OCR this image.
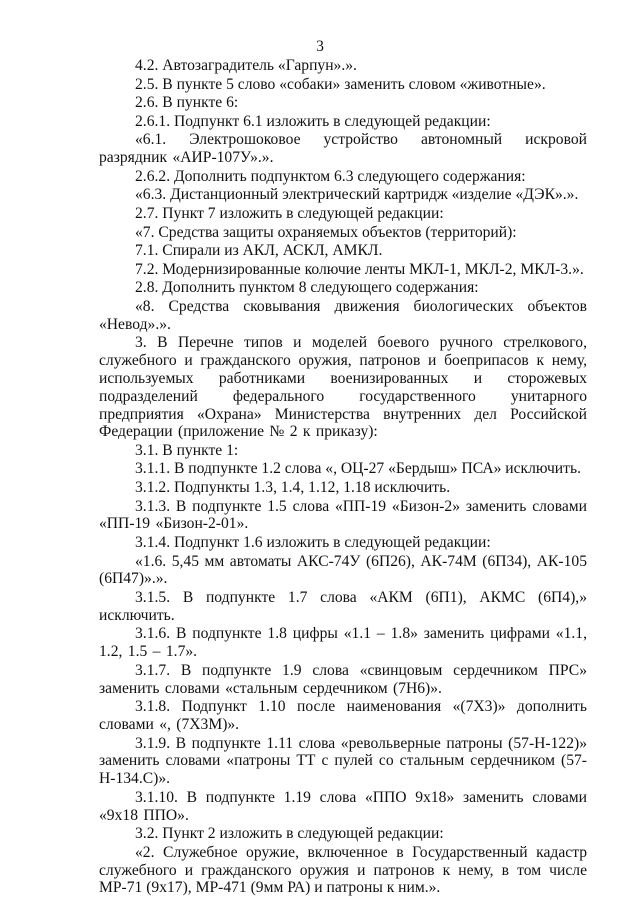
3

4.2. Автозаградитель «Гарпун».».

2.5. В пункте 5 слово «собаки» заменить словом «животные».

2.6. В пункте 6:

2.6.1. Подпункт 6.1 изложить в следующей редакции:

«6.1. Электрошоковое устройство автономный искровой разрядник «АИР-107У».».

2.6.2. Дополнить подпунктом 6.3 следующего содержания:

«6.3. Дистанционный электрический картридж «изделие «ДЭК».».

2.7. Пункт 7 изложить в следующей редакции:

«7. Средства защиты охраняемых объектов (территорий):

7.1. Спирали из АКЛ, АСКЛ, АМКЛ.

7.2. Модернизированные колючие ленты МКЛ-1, МКЛ-2, МКЛ-3.».

2.8. Дополнить пунктом 8 следующего содержания:

«8. Средства сковывания движения биологических объектов «Невод».».

3. В Перечне типов и моделей боевого ручного стрелкового, служебного и гражданского оружия, патронов и боеприпасов к нему, используемых работниками военизированных и сторожевых подразделений федерального государственного унитарного предприятия «Охрана» Министерства внутренних дел Российской Федерации (приложение № 2 к приказу):

3.1. В пункте 1:

3.1.1. В подпункте 1.2 слова «, ОЦ-27 «Бердыш» ПСА» исключить.

3.1.2. Подпункты 1.3, 1.4, 1.12, 1.18 исключить.

3.1.3. В подпункте 1.5 слова «ПП-19 «Бизон-2» заменить словами «ПП-19 «Бизон-2-01».

3.1.4. Подпункт 1.6 изложить в следующей редакции:

«1.6. 5,45 мм автоматы АКС-74У (6П26), АК-74М (6П34), АК-105 (6П47)».».

3.1.5. В подпункте 1.7 слова «АКМ (6П1), АКМС (6П4),» исключить.

3.1.6. В подпункте 1.8 цифры «1.1 – 1.8» заменить цифрами «1.1, 1.2, 1.5 – 1.7».

3.1.7. В подпункте 1.9 слова «свинцовым сердечником ПРС» заменить словами «стальным сердечником (7Н6)».

3.1.8. Подпункт 1.10 после наименования «(7Х3)» дополнить словами «, (7Х3М)».

3.1.9. В подпункте 1.11 слова «револьверные патроны (57-Н-122)» заменить словами «патроны ТТ с пулей со стальным сердечником (57-Н-134.С)».

3.1.10. В подпункте 1.19 слова «ППО 9х18» заменить словами «9х18 ППО».

3.2. Пункт 2 изложить в следующей редакции:

«2. Служебное оружие, включенное в Государственный кадастр служебного и гражданского оружия и патронов к нему, в том числе МР-71 (9х17), МР-471 (9мм РА) и патроны к ним.».
